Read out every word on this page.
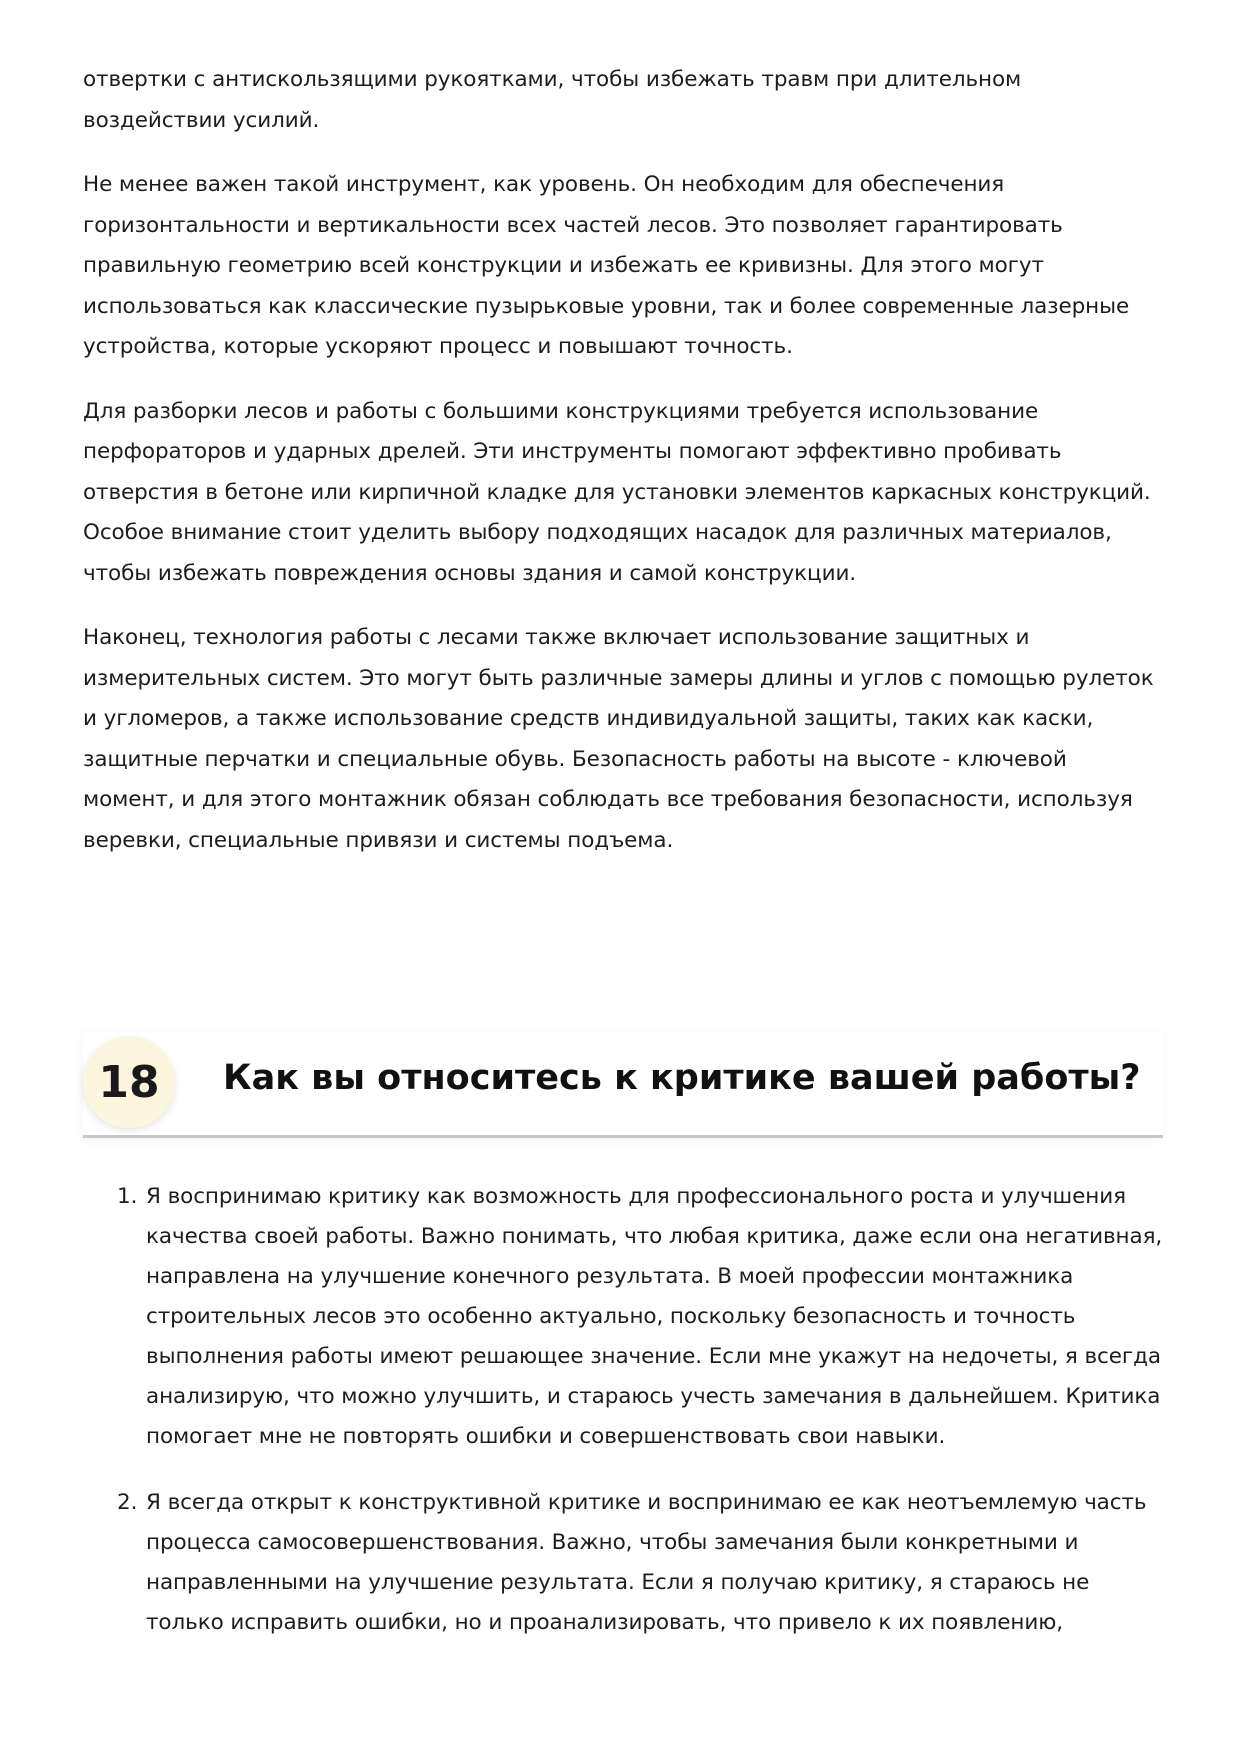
отвертки с антискользящими рукоятками, чтобы избежать травм при длительном воздействии усилий.

Не менее важен такой инструмент, как уровень. Он необходим для обеспечения горизонтальности и вертикальности всех частей лесов. Это позволяет гарантировать правильную геометрию всей конструкции и избежать ее кривизны. Для этого могут использоваться как классические пузырьковые уровни, так и более современные лазерные устройства, которые ускоряют процесс и повышают точность.

Для разборки лесов и работы с большими конструкциями требуется использование перфораторов и ударных дрелей. Эти инструменты помогают эффективно пробивать отверстия в бетоне или кирпичной кладке для установки элементов каркасных конструкций. Особое внимание стоит уделить выбору подходящих насадок для различных материалов, чтобы избежать повреждения основы здания и самой конструкции.

Наконец, технология работы с лесами также включает использование защитных и измерительных систем. Это могут быть различные замеры длины и углов с помощью рулеток и угломеров, а также использование средств индивидуальной защиты, таких как каски, защитные перчатки и специальные обувь. Безопасность работы на высоте - ключевой момент, и для этого монтажник обязан соблюдать все требования безопасности, используя веревки, специальные привязи и системы подъема.

18	Как вы относитесь к критике вашей работы?
1. Я воспринимаю критику как возможность для профессионального роста и улучшения качества своей работы. Важно понимать, что любая критика, даже если она негативная, направлена на улучшение конечного результата. В моей профессии монтажника строительных лесов это особенно актуально, поскольку безопасность и точность выполнения работы имеют решающее значение. Если мне укажут на недочеты, я всегда анализирую, что можно улучшить, и стараюсь учесть замечания в дальнейшем. Критика помогает мне не повторять ошибки и совершенствовать свои навыки.
2. Я всегда открыт к конструктивной критике и воспринимаю ее как неотъемлемую часть процесса самосовершенствования. Важно, чтобы замечания были конкретными и направленными на улучшение результата. Если я получаю критику, я стараюсь не только исправить ошибки, но и проанализировать, что привело к их появлению,
